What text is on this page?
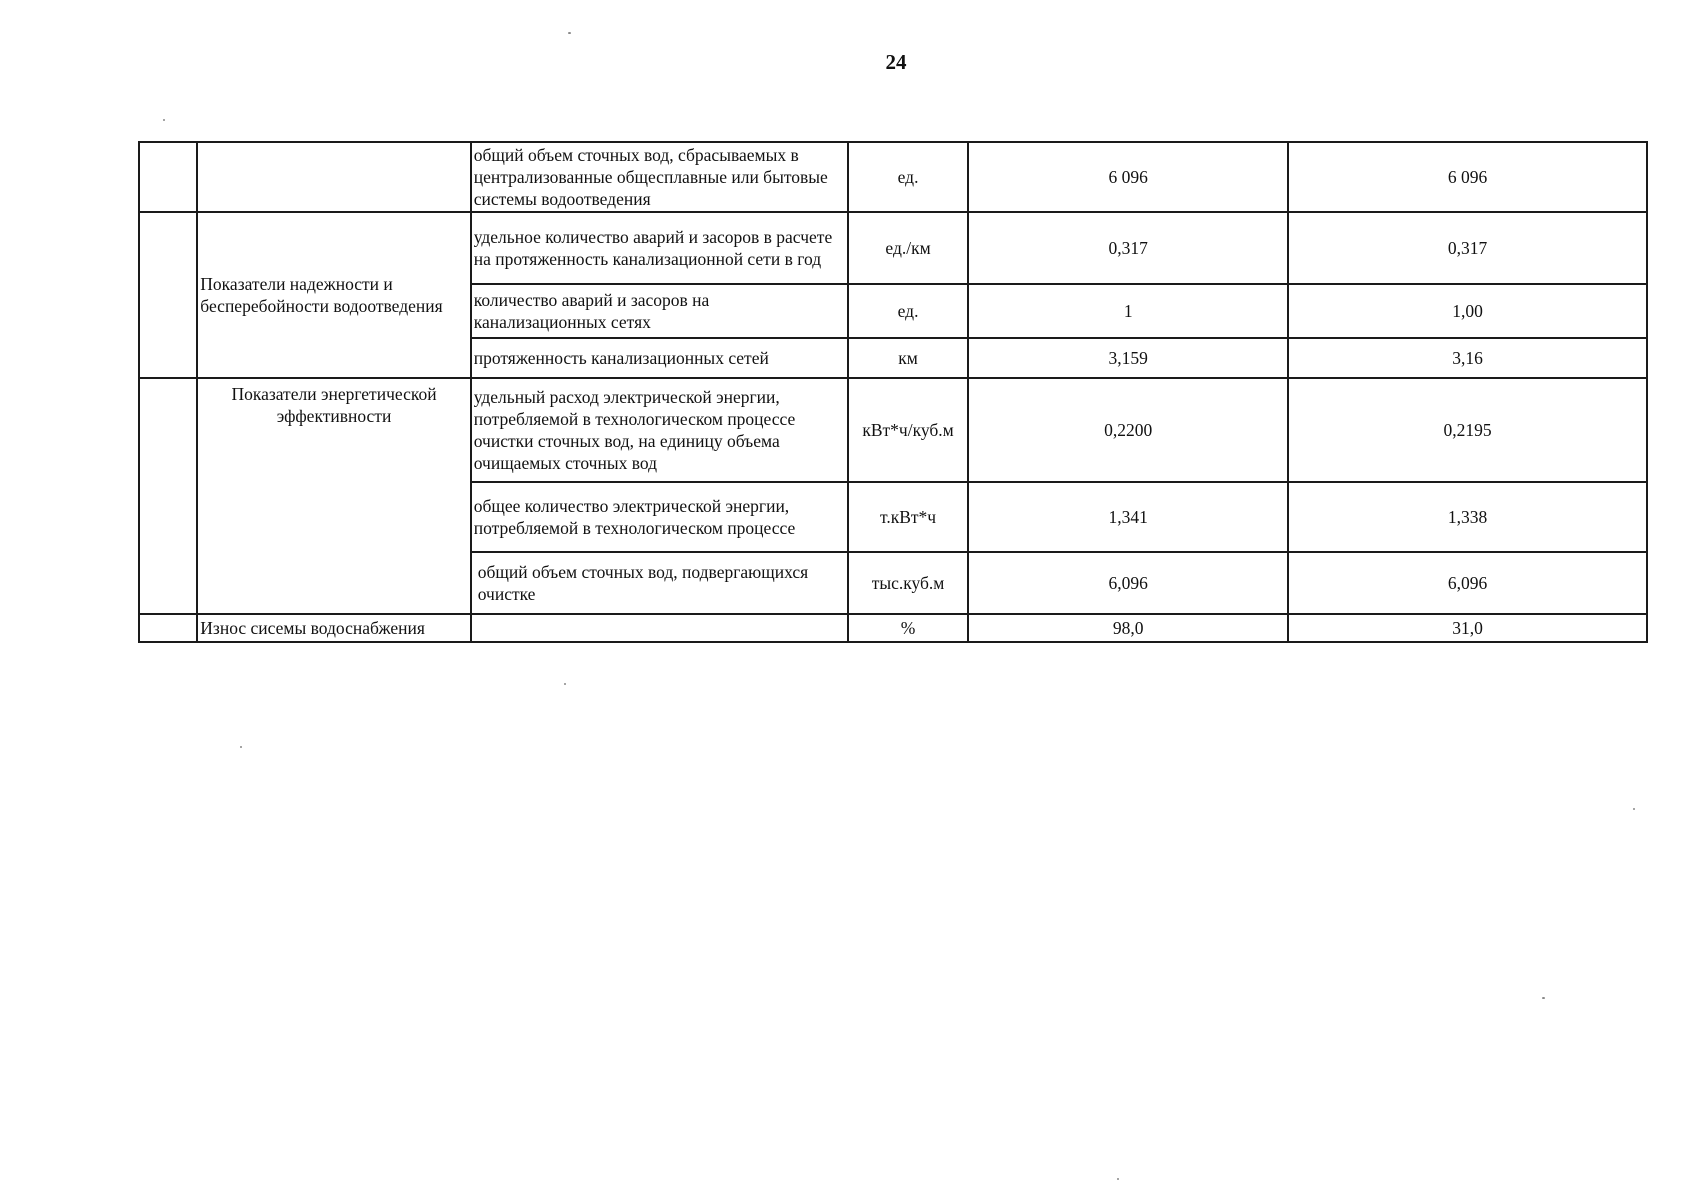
24
		общий объем сточных вод, сбрасываемых в централизованные общесплавные или бытовые системы водоотведения	ед.	6 096	6 096
	Показатели надежности и бесперебойности водоотведения	удельное количество аварий и засоров в расчете на протяженность канализационной сети в год	ед./км	0,317	0,317
		количество аварий и засоров на канализационных сетях	ед.	1	1,00
		протяженность канализационных сетей	км	3,159	3,16
	Показатели энергетической эффективности	удельный расход электрической энергии, потребляемой в технологическом процессе очистки сточных вод, на единицу объема очищаемых сточных вод	кВт*ч/куб.м	0,2200	0,2195
		общее количество электрической энергии, потребляемой в технологическом процессе	т.кВт*ч	1,341	1,338
		общий объем сточных вод, подвергающихся очистке	тыс.куб.м	6,096	6,096
	Износ сисемы водоснабжения		%	98,0	31,0
